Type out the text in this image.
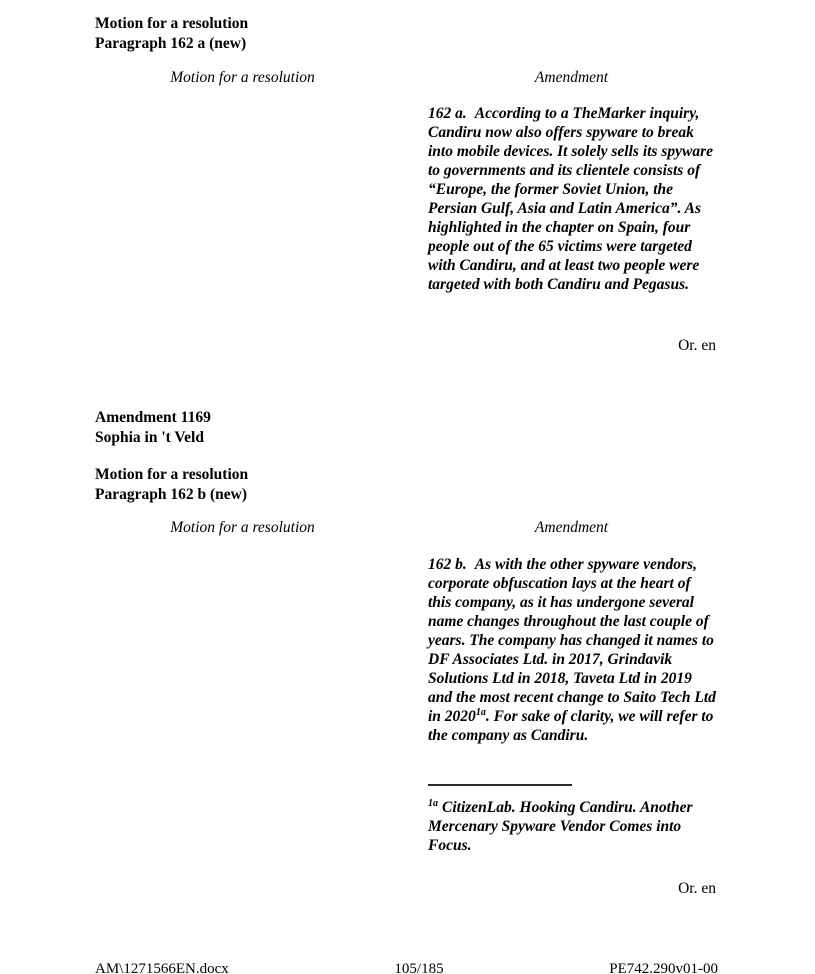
Motion for a resolution
Paragraph 162 a (new)
Motion for a resolution	Amendment
162 a. According to a TheMarker inquiry, Candiru now also offers spyware to break into mobile devices. It solely sells its spyware to governments and its clientele consists of “Europe, the former Soviet Union, the Persian Gulf, Asia and Latin America”. As highlighted in the chapter on Spain, four people out of the 65 victims were targeted with Candiru, and at least two people were targeted with both Candiru and Pegasus.
Or. en
Amendment 1169
Sophia in 't Veld
Motion for a resolution
Paragraph 162 b (new)
Motion for a resolution	Amendment
162 b. As with the other spyware vendors, corporate obfuscation lays at the heart of this company, as it has undergone several name changes throughout the last couple of years. The company has changed it names to DF Associates Ltd. in 2017, Grindavik Solutions Ltd in 2018, Taveta Ltd in 2019 and the most recent change to Saito Tech Ltd in $2020^{1a}$. For sake of clarity, we will refer to the company as Candiru.
$^{1a}$ CitizenLab. Hooking Candiru. Another Mercenary Spyware Vendor Comes into Focus.
Or. en
AM\1271566EN.docx	105/185	PE742.290v01-00
